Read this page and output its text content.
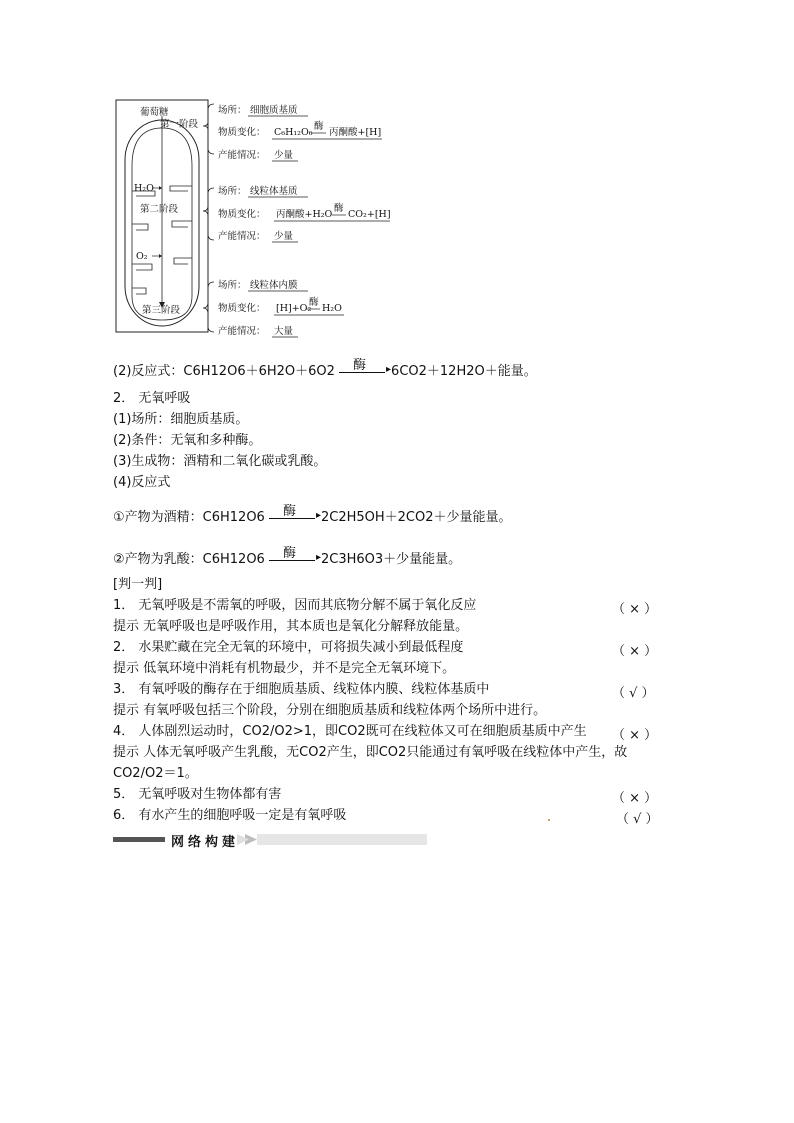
葡萄糖
第一阶段
H₂O
第二阶段
O₂
第三阶段
场所： 细胞质基质
物质变化： C₆H₁₂O₆
酶
丙酮酸+[H]
产能情况： 少量
场所： 线粒体基质
物质变化： 丙酮酸+H₂O
酶
CO₂+[H]
产能情况： 少量
场所： 线粒体内膜
物质变化： [H]+O₂
酶
H₂O
产能情况： 大量
(2)反应式：C6H12O6＋6H2O＋6O2 酶 ▸ 6CO2＋12H2O＋能量。
2． 无氧呼吸
(1)场所：细胞质基质。
(2)条件：无氧和多种酶。
(3)生成物：酒精和二氧化碳或乳酸。
(4)反应式
①产物为酒精：C6H12O6 酶 ▸ 2C2H5OH＋2CO2＋少量能量。
②产物为乳酸：C6H12O6 酶 ▸ 2C3H6O3＋少量能量。
[判一判]
1． 无氧呼吸是不需氧的呼吸，因而其底物分解不属于氧化反应	（ × ）
提示 无氧呼吸也是呼吸作用，其本质也是氧化分解释放能量。
2． 水果贮藏在完全无氧的环境中，可将损失减小到最低程度	（ × ）
提示 低氧环境中消耗有机物最少，并不是完全无氧环境下。
3． 有氧呼吸的酶存在于细胞质基质、线粒体内膜、线粒体基质中	（ √ ）
提示 有氧呼吸包括三个阶段，分别在细胞质基质和线粒体两个场所中进行。
4． 人体剧烈运动时，CO2/O2>1，即CO2既可在线粒体又可在细胞质基质中产生 （ × ）
提示 人体无氧呼吸产生乳酸，无CO2产生，即CO2只能通过有氧呼吸在线粒体中产生，故
CO2/O2＝1。
5． 无氧呼吸对生物体都有害	（ × ）
6． 有水产生的细胞呼吸一定是有氧呼吸	（ √ ）
网络构建
